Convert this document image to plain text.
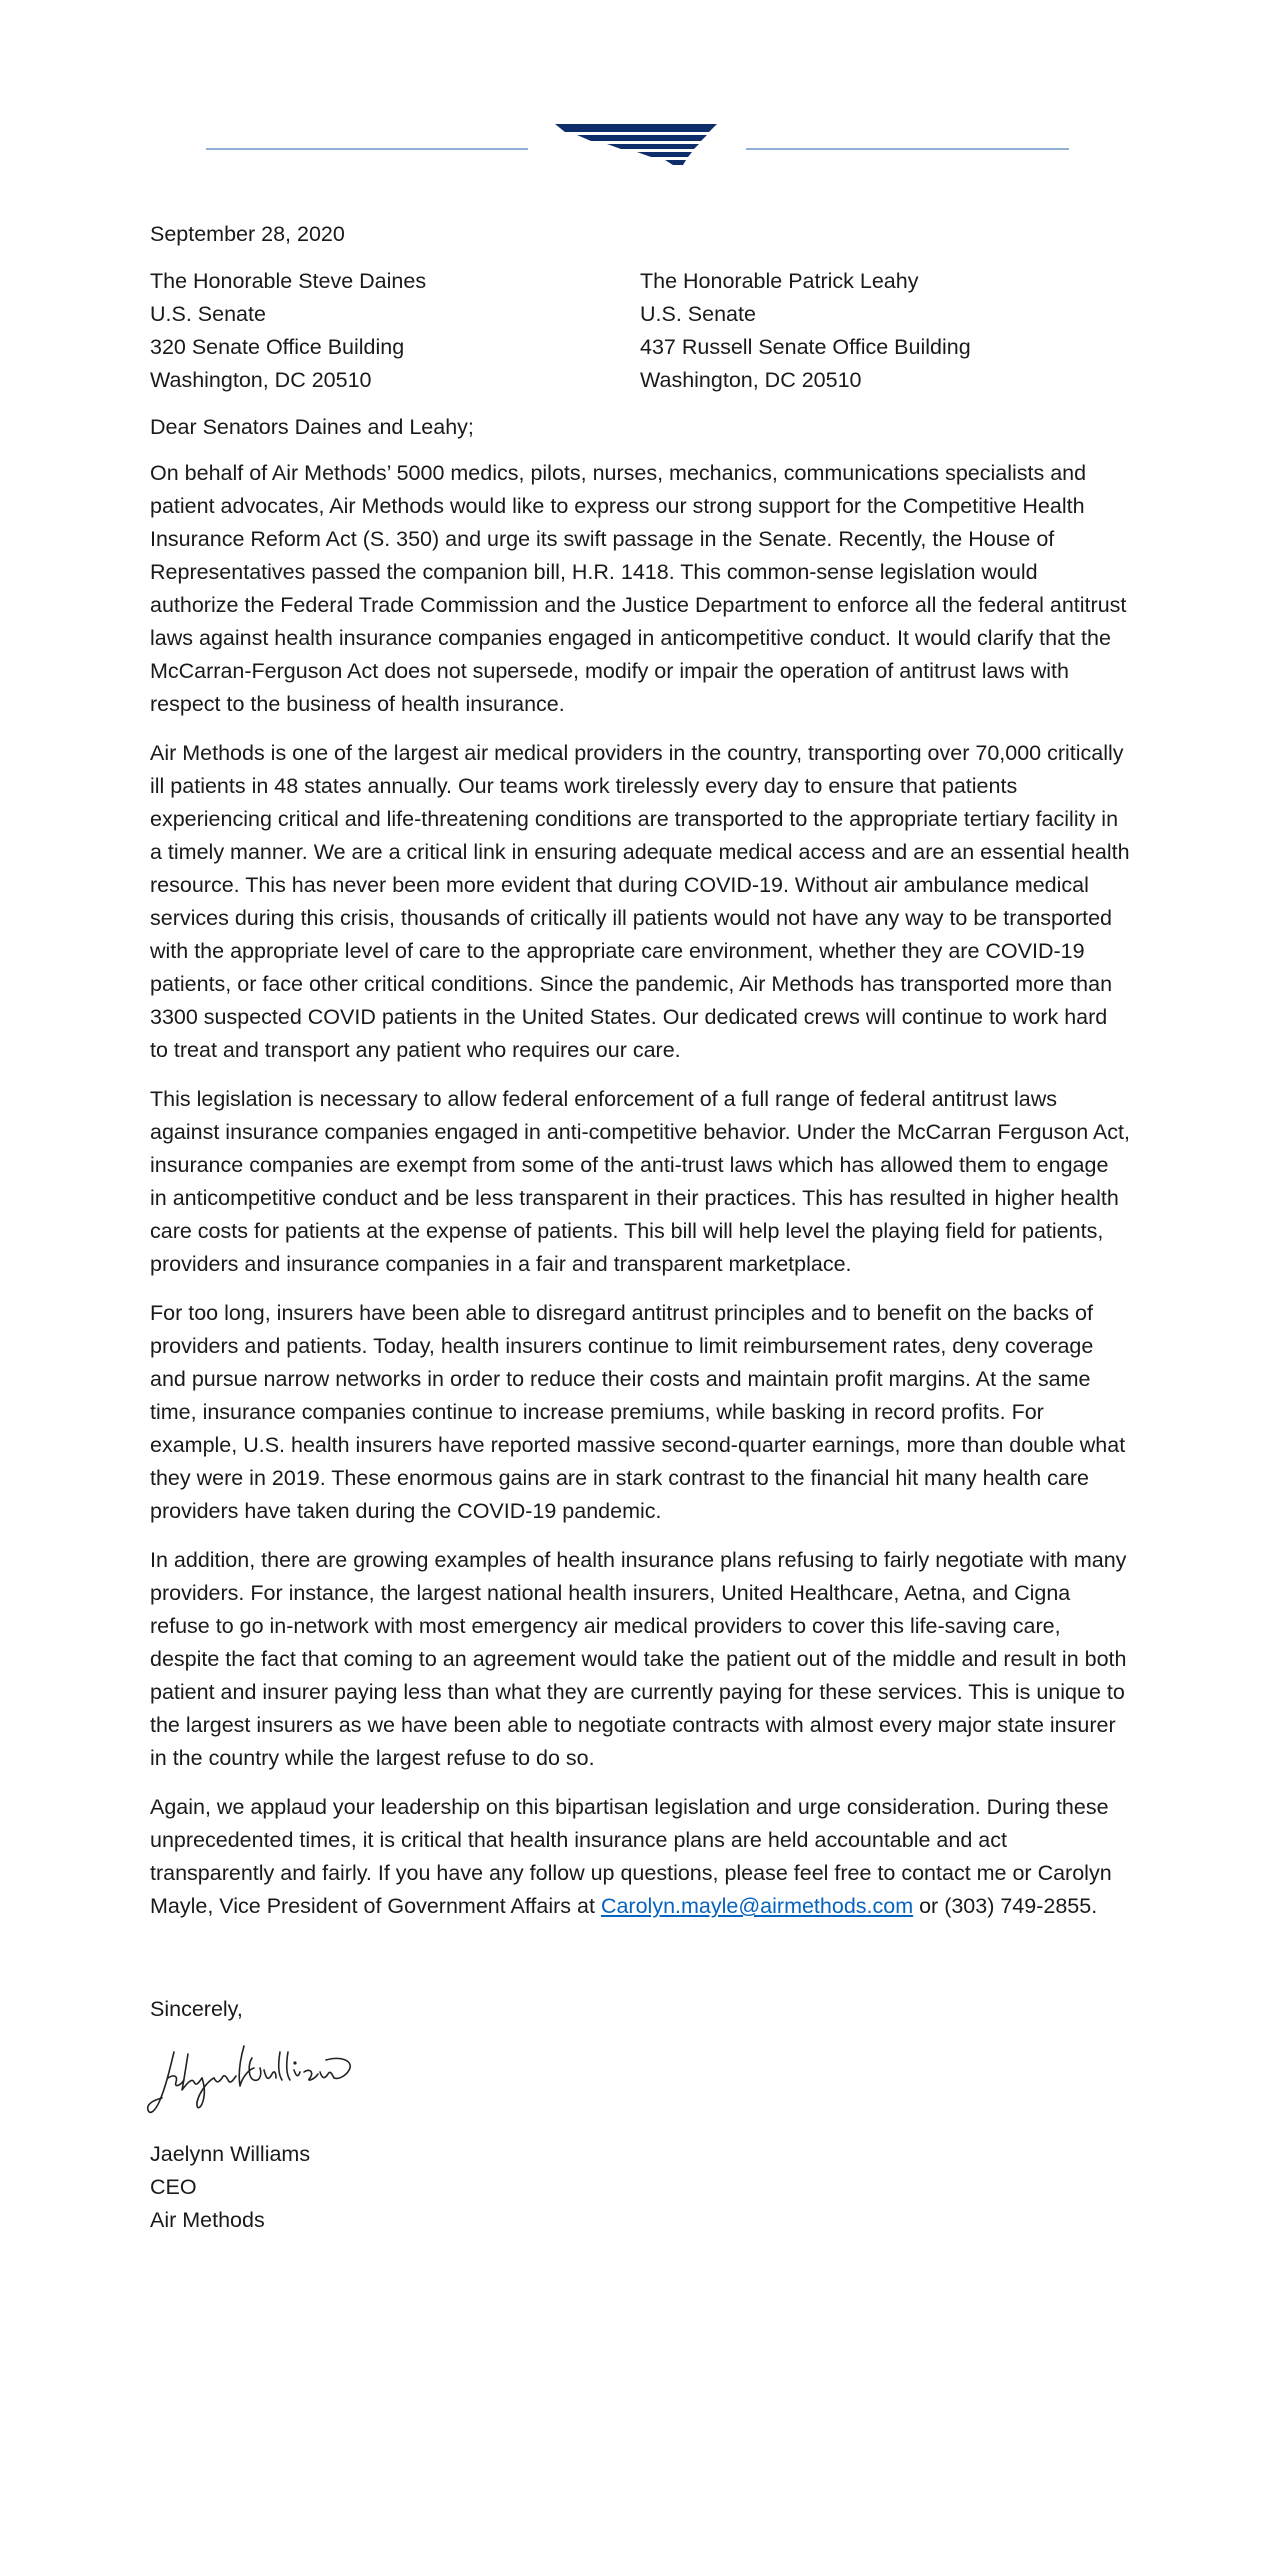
September 28, 2020

The Honorable Steve Daines
U.S. Senate
320 Senate Office Building
Washington, DC 20510
The Honorable Patrick Leahy
U.S. Senate
437 Russell Senate Office Building
Washington, DC 20510

Dear Senators Daines and Leahy;

On behalf of Air Methods’ 5000 medics, pilots, nurses, mechanics, communications specialists and patient advocates, Air Methods would like to express our strong support for the Competitive Health Insurance Reform Act (S. 350) and urge its swift passage in the Senate. Recently, the House of Representatives passed the companion bill, H.R. 1418. This common-sense legislation would authorize the Federal Trade Commission and the Justice Department to enforce all the federal antitrust laws against health insurance companies engaged in anticompetitive conduct. It would clarify that the McCarran-Ferguson Act does not supersede, modify or impair the operation of antitrust laws with respect to the business of health insurance.

Air Methods is one of the largest air medical providers in the country, transporting over 70,000 critically ill patients in 48 states annually. Our teams work tirelessly every day to ensure that patients experiencing critical and life-threatening conditions are transported to the appropriate tertiary facility in a timely manner. We are a critical link in ensuring adequate medical access and are an essential health resource. This has never been more evident that during COVID-19. Without air ambulance medical services during this crisis, thousands of critically ill patients would not have any way to be transported with the appropriate level of care to the appropriate care environment, whether they are COVID-19 patients, or face other critical conditions. Since the pandemic, Air Methods has transported more than 3300 suspected COVID patients in the United States. Our dedicated crews will continue to work hard to treat and transport any patient who requires our care.

This legislation is necessary to allow federal enforcement of a full range of federal antitrust laws against insurance companies engaged in anti-competitive behavior. Under the McCarran Ferguson Act, insurance companies are exempt from some of the anti-trust laws which has allowed them to engage in anticompetitive conduct and be less transparent in their practices. This has resulted in higher health care costs for patients at the expense of patients. This bill will help level the playing field for patients, providers and insurance companies in a fair and transparent marketplace.

For too long, insurers have been able to disregard antitrust principles and to benefit on the backs of providers and patients. Today, health insurers continue to limit reimbursement rates, deny coverage and pursue narrow networks in order to reduce their costs and maintain profit margins. At the same time, insurance companies continue to increase premiums, while basking in record profits. For example, U.S. health insurers have reported massive second-quarter earnings, more than double what they were in 2019. These enormous gains are in stark contrast to the financial hit many health care providers have taken during the COVID-19 pandemic.

In addition, there are growing examples of health insurance plans refusing to fairly negotiate with many providers. For instance, the largest national health insurers, United Healthcare, Aetna, and Cigna refuse to go in-network with most emergency air medical providers to cover this life-saving care, despite the fact that coming to an agreement would take the patient out of the middle and result in both patient and insurer paying less than what they are currently paying for these services. This is unique to the largest insurers as we have been able to negotiate contracts with almost every major state insurer in the country while the largest refuse to do so.

Again, we applaud your leadership on this bipartisan legislation and urge consideration. During these unprecedented times, it is critical that health insurance plans are held accountable and act transparently and fairly. If you have any follow up questions, please feel free to contact me or Carolyn Mayle, Vice President of Government Affairs at Carolyn.mayle@airmethods.com or (303) 749-2855.

Sincerely,
Jaelynn Williams
CEO
Air Methods
